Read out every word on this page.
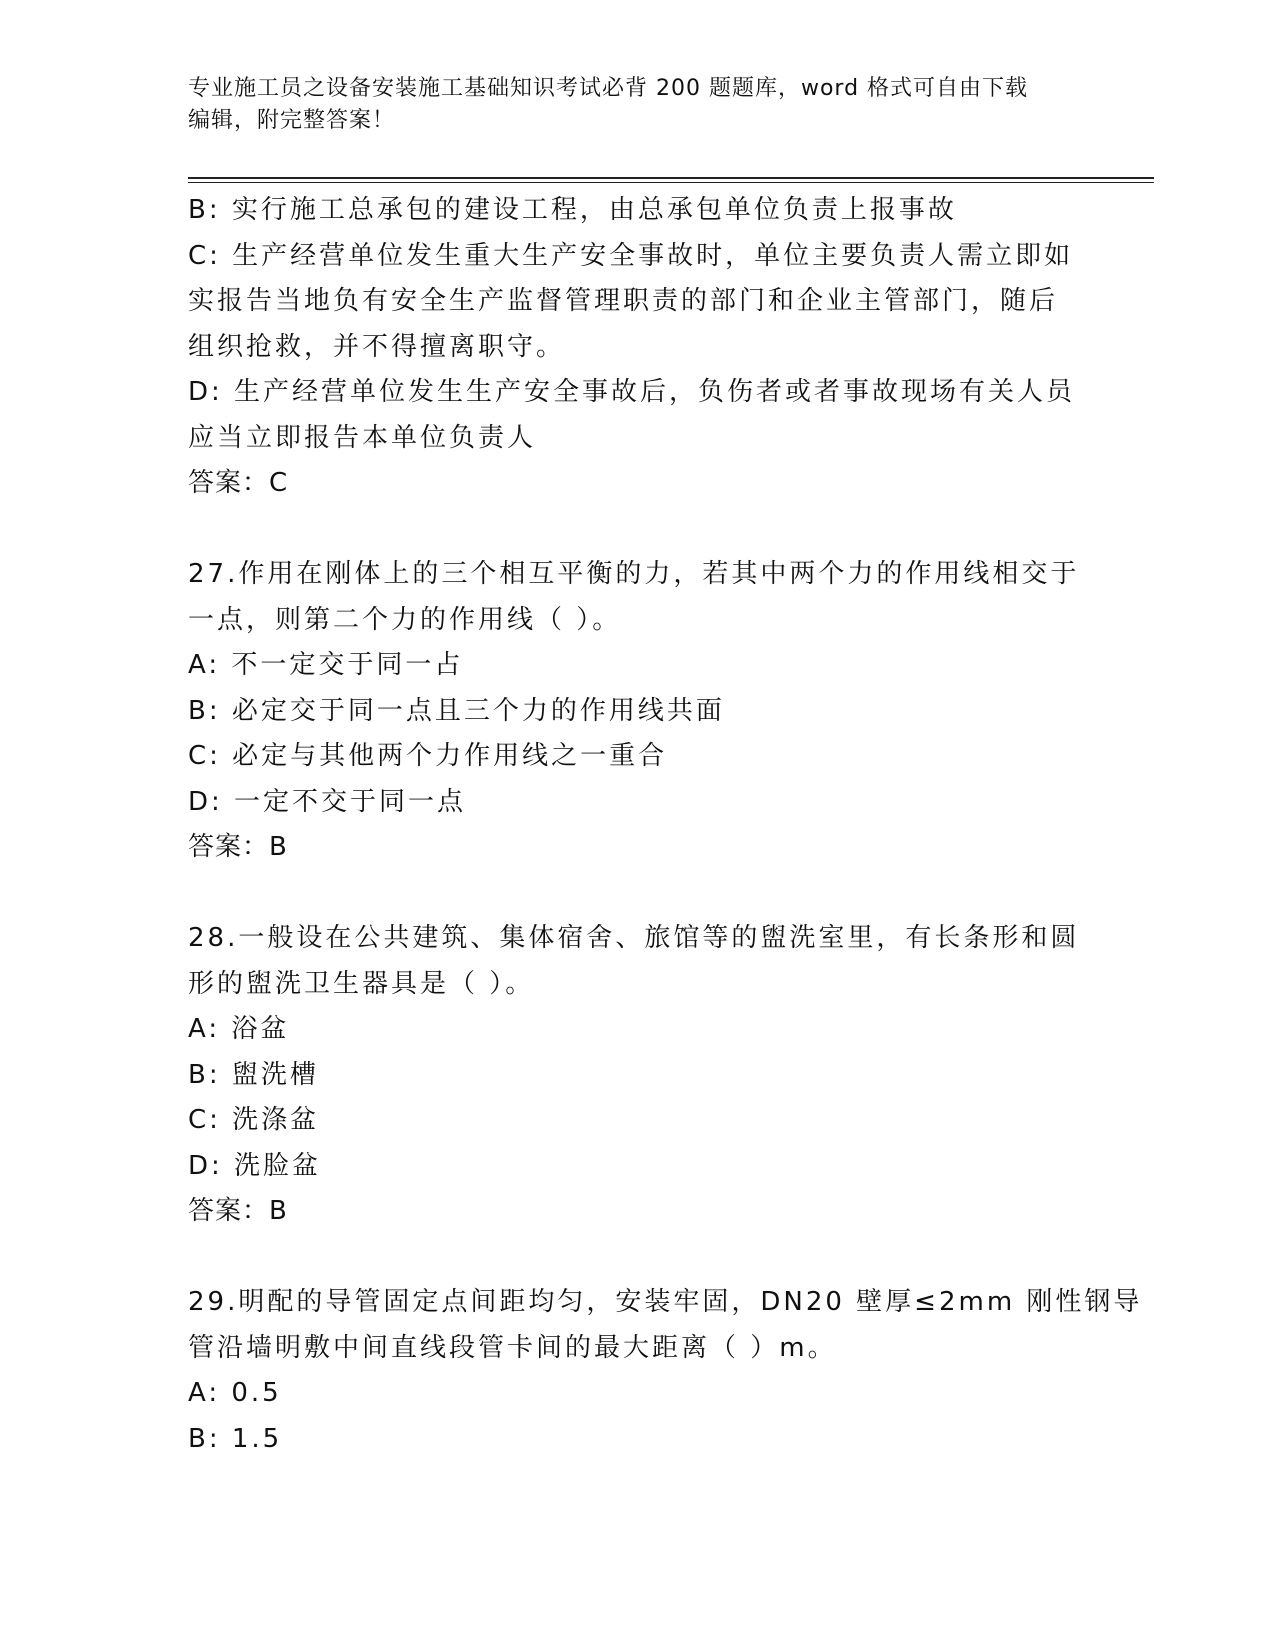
专业施工员之设备安装施工基础知识考试必背 200 题题库，word 格式可自由下载
编辑，附完整答案！
B: 实行施工总承包的建设工程，由总承包单位负责上报事故
C: 生产经营单位发生重大生产安全事故时，单位主要负责人需立即如
实报告当地负有安全生产监督管理职责的部门和企业主管部门，随后
组织抢救，并不得擅离职守。
D: 生产经营单位发生生产安全事故后，负伤者或者事故现场有关人员
应当立即报告本单位负责人
答案：C
27.作用在刚体上的三个相互平衡的力，若其中两个力的作用线相交于
一点，则第二个力的作用线（ ）。
A: 不一定交于同一占
B: 必定交于同一点且三个力的作用线共面
C: 必定与其他两个力作用线之一重合
D: 一定不交于同一点
答案：B
28.一般设在公共建筑、集体宿舍、旅馆等的盥洗室里，有长条形和圆
形的盥洗卫生器具是（ ）。
A: 浴盆
B: 盥洗槽
C: 洗涤盆
D: 洗脸盆
答案：B
29.明配的导管固定点间距均匀，安装牢固，DN20 壁厚≤2mm 刚性钢导
管沿墙明敷中间直线段管卡间的最大距离（ ）m。
A: 0.5
B: 1.5
